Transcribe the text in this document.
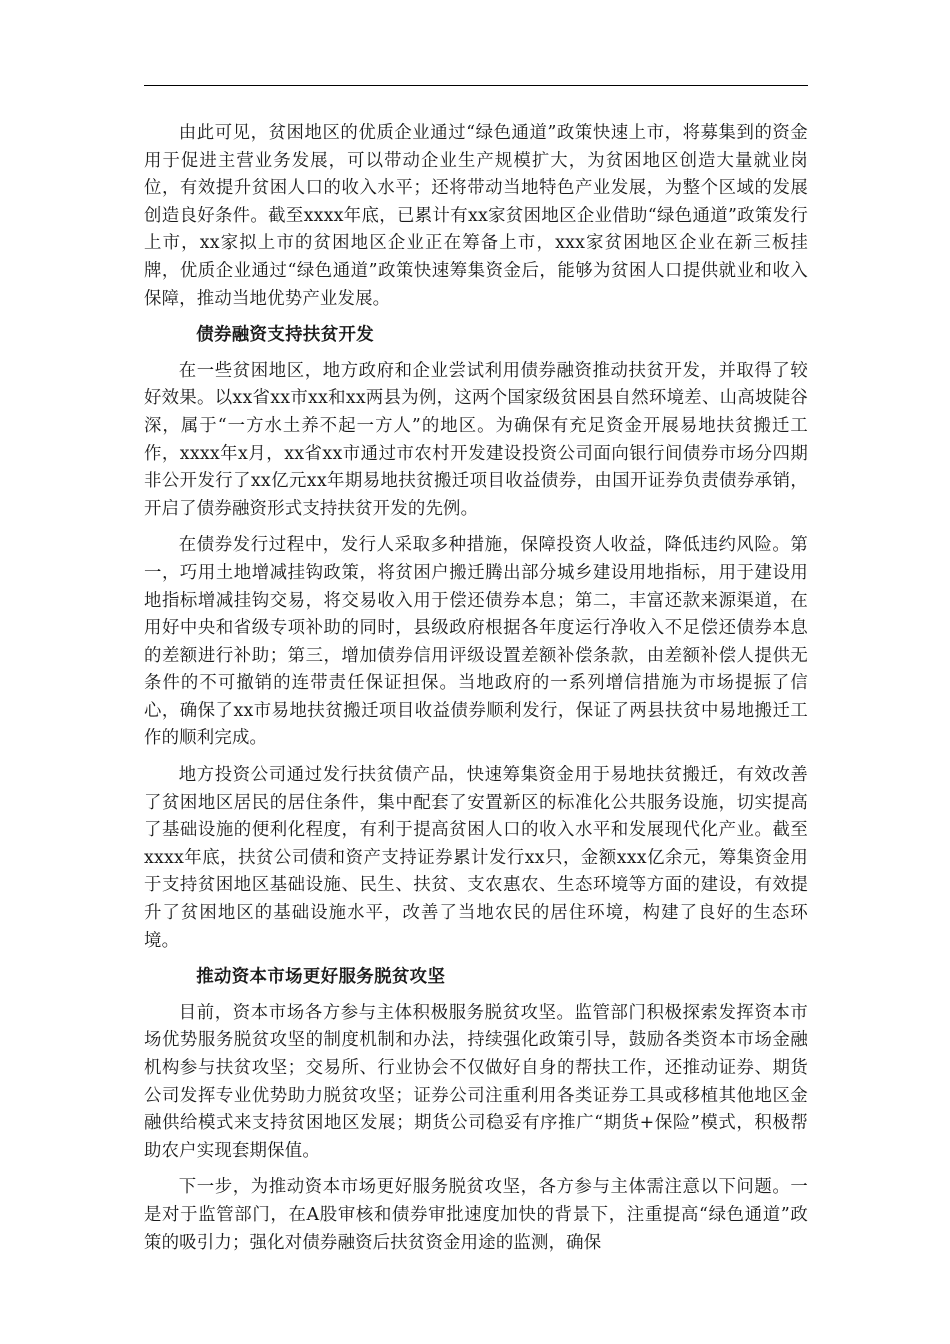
由此可见，贫困地区的优质企业通过“绿色通道”政策快速上市，将募集到的资金用于促进主营业务发展，可以带动企业生产规模扩大，为贫困地区创造大量就业岗位，有效提升贫困人口的收入水平；还将带动当地特色产业发展，为整个区域的发展创造良好条件。截至xxxx年底，已累计有xx家贫困地区企业借助“绿色通道”政策发行上市，xx家拟上市的贫困地区企业正在筹备上市，xxx家贫困地区企业在新三板挂牌，优质企业通过“绿色通道”政策快速筹集资金后，能够为贫困人口提供就业和收入保障，推动当地优势产业发展。

债券融资支持扶贫开发

在一些贫困地区，地方政府和企业尝试利用债券融资推动扶贫开发，并取得了较好效果。以xx省xx市xx和xx两县为例，这两个国家级贫困县自然环境差、山高坡陡谷深，属于“一方水土养不起一方人”的地区。为确保有充足资金开展易地扶贫搬迁工作，xxxx年x月，xx省xx市通过市农村开发建设投资公司面向银行间债券市场分四期非公开发行了xx亿元xx年期易地扶贫搬迁项目收益债券，由国开证券负责债券承销，开启了债券融资形式支持扶贫开发的先例。

在债券发行过程中，发行人采取多种措施，保障投资人收益，降低违约风险。第一，巧用土地增减挂钩政策，将贫困户搬迁腾出部分城乡建设用地指标，用于建设用地指标增减挂钩交易，将交易收入用于偿还债券本息；第二，丰富还款来源渠道，在用好中央和省级专项补助的同时，县级政府根据各年度运行净收入不足偿还债券本息的差额进行补助；第三，增加债券信用评级设置差额补偿条款，由差额补偿人提供无条件的不可撤销的连带责任保证担保。当地政府的一系列增信措施为市场提振了信心，确保了xx市易地扶贫搬迁项目收益债券顺利发行，保证了两县扶贫中易地搬迁工作的顺利完成。

地方投资公司通过发行扶贫债产品，快速筹集资金用于易地扶贫搬迁，有效改善了贫困地区居民的居住条件，集中配套了安置新区的标准化公共服务设施，切实提高了基础设施的便利化程度，有利于提高贫困人口的收入水平和发展现代化产业。截至xxxx年底，扶贫公司债和资产支持证券累计发行xx只，金额xxx亿余元，筹集资金用于支持贫困地区基础设施、民生、扶贫、支农惠农、生态环境等方面的建设，有效提升了贫困地区的基础设施水平，改善了当地农民的居住环境，构建了良好的生态环境。

推动资本市场更好服务脱贫攻坚

目前，资本市场各方参与主体积极服务脱贫攻坚。监管部门积极探索发挥资本市场优势服务脱贫攻坚的制度机制和办法，持续强化政策引导，鼓励各类资本市场金融机构参与扶贫攻坚；交易所、行业协会不仅做好自身的帮扶工作，还推动证券、期货公司发挥专业优势助力脱贫攻坚；证券公司注重利用各类证券工具或移植其他地区金融供给模式来支持贫困地区发展；期货公司稳妥有序推广“期货+保险”模式，积极帮助农户实现套期保值。

下一步，为推动资本市场更好服务脱贫攻坚，各方参与主体需注意以下问题。一是对于监管部门，在A股审核和债券审批速度加快的背景下，注重提高“绿色通道”政策的吸引力；强化对债券融资后扶贫资金用途的监测，确保
